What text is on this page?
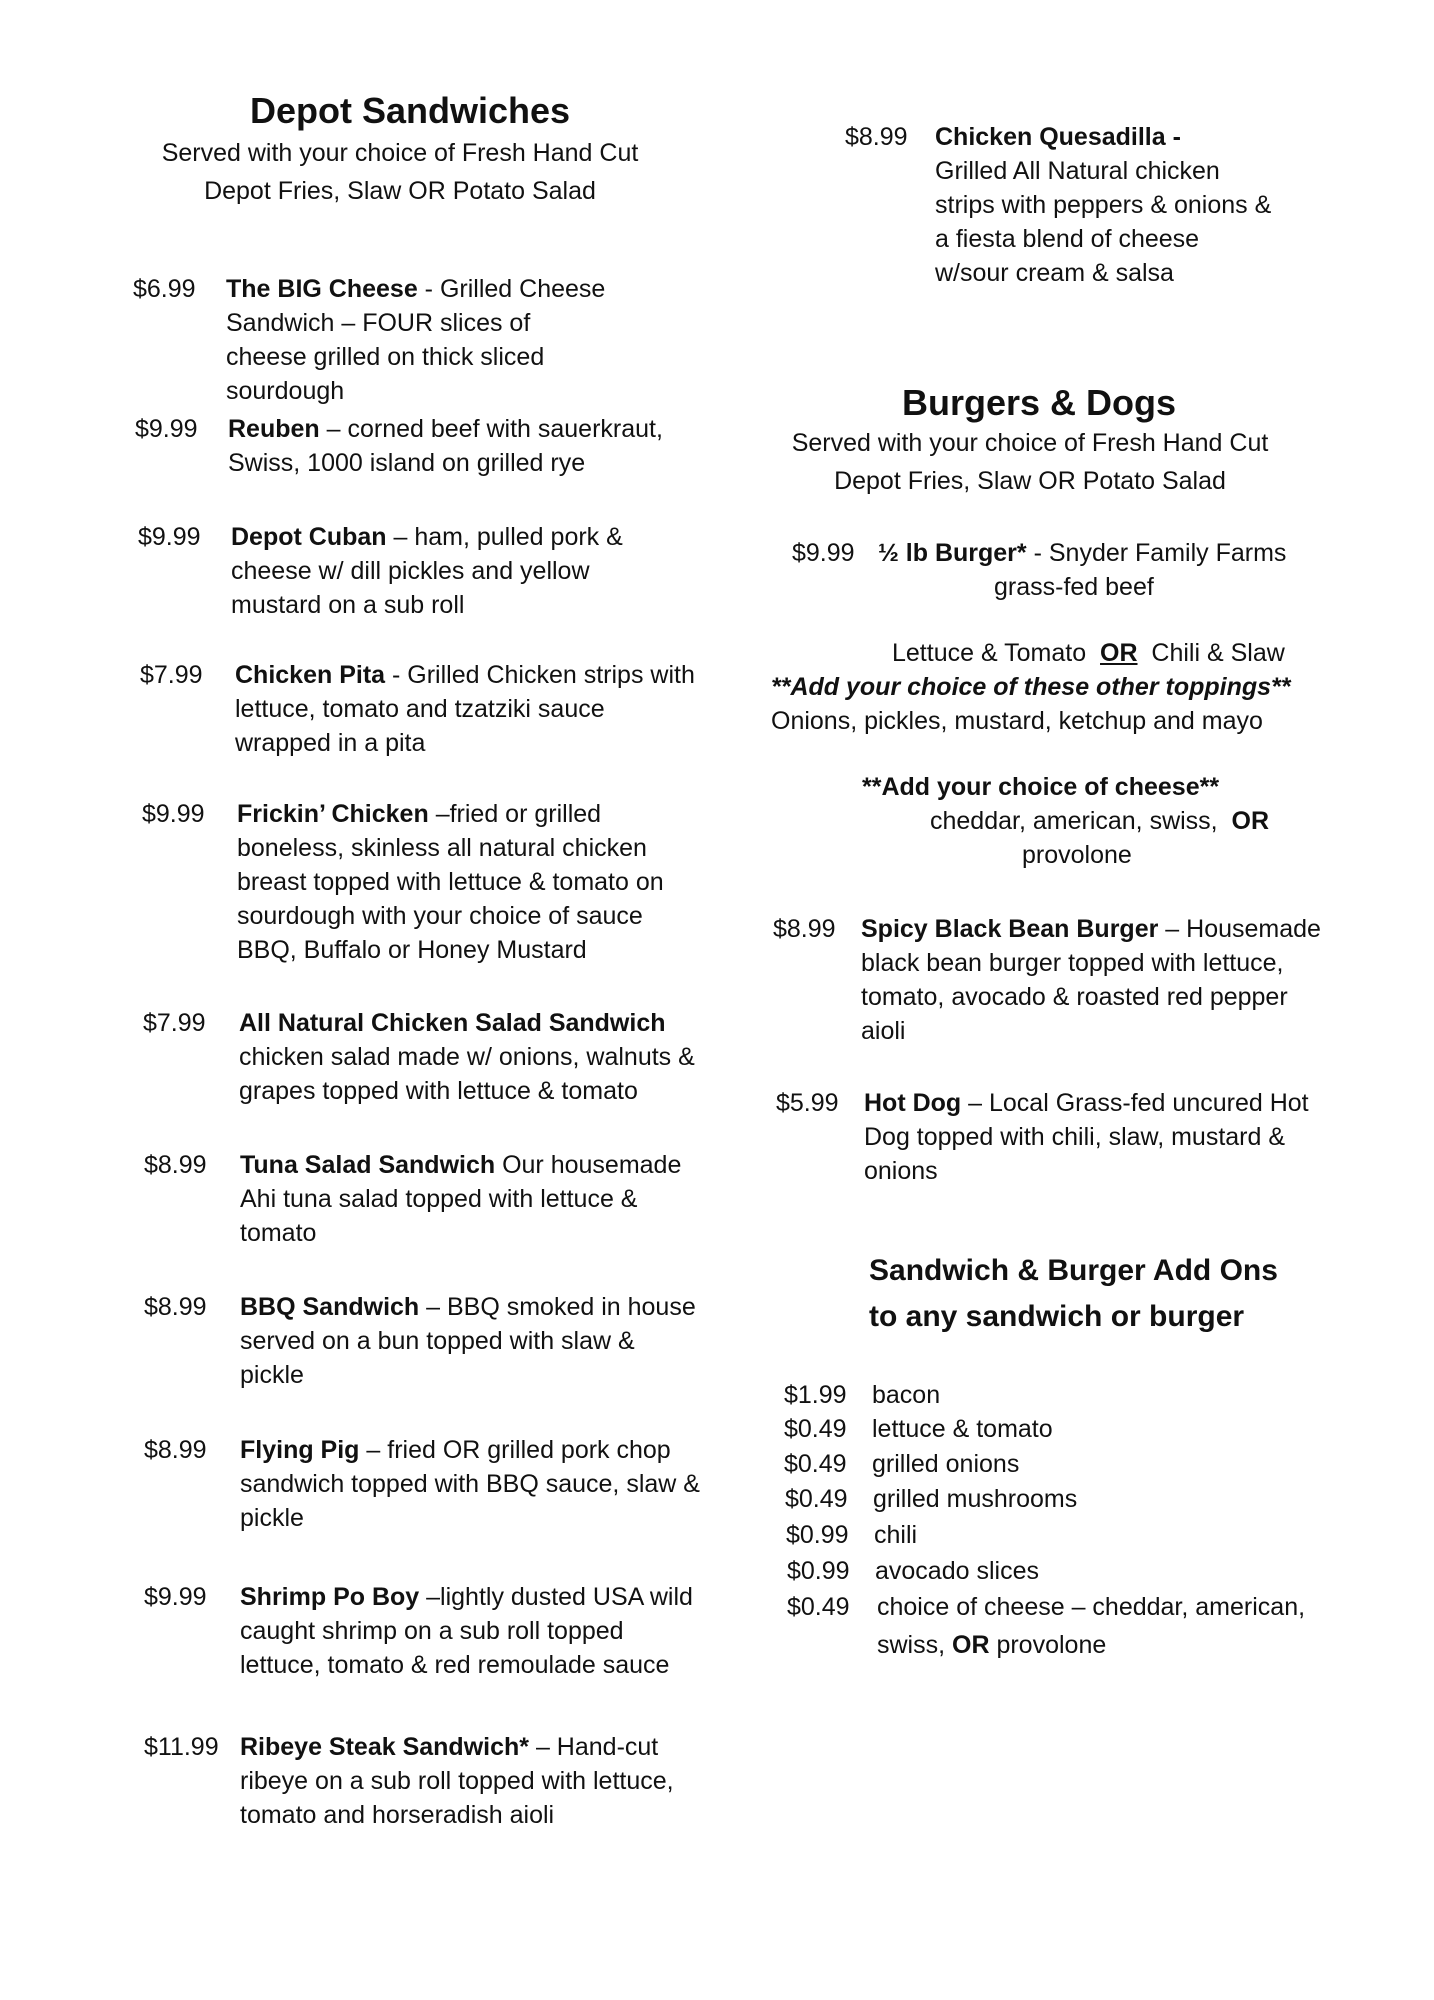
Depot Sandwiches
Served with your choice of Fresh Hand Cut
Depot Fries, Slaw OR Potato Salad
$6.99 The BIG Cheese - Grilled Cheese Sandwich – FOUR slices of cheese grilled on thick sliced sourdough
$9.99 Reuben – corned beef with sauerkraut, Swiss, 1000 island on grilled rye
$9.99 Depot Cuban – ham, pulled pork & cheese w/ dill pickles and yellow mustard on a sub roll
$7.99 Chicken Pita - Grilled Chicken strips with lettuce, tomato and tzatziki sauce wrapped in a pita
$9.99 Frickin’ Chicken –fried or grilled boneless, skinless all natural chicken breast topped with lettuce & tomato on sourdough with your choice of sauce BBQ, Buffalo or Honey Mustard
$7.99 All Natural Chicken Salad Sandwich chicken salad made w/ onions, walnuts & grapes topped with lettuce & tomato
$8.99 Tuna Salad Sandwich Our housemade Ahi tuna salad topped with lettuce & tomato
$8.99 BBQ Sandwich – BBQ smoked in house served on a bun topped with slaw & pickle
$8.99 Flying Pig – fried OR grilled pork chop sandwich topped with BBQ sauce, slaw & pickle
$9.99 Shrimp Po Boy –lightly dusted USA wild caught shrimp on a sub roll topped lettuce, tomato & red remoulade sauce
$11.99 Ribeye Steak Sandwich* – Hand-cut ribeye on a sub roll topped with lettuce, tomato and horseradish aioli
$8.99 Chicken Quesadilla -
Grilled All Natural chicken strips with peppers & onions & a fiesta blend of cheese w/sour cream & salsa
Burgers & Dogs
Served with your choice of Fresh Hand Cut
Depot Fries, Slaw OR Potato Salad
$9.99 ½ lb Burger* - Snyder Family Farms
grass-fed beef
Lettuce & Tomato OR Chili & Slaw
**Add your choice of these other toppings**
Onions, pickles, mustard, ketchup and mayo
**Add your choice of cheese**
cheddar, american, swiss, OR
provolone
$8.99 Spicy Black Bean Burger – Housemade black bean burger topped with lettuce, tomato, avocado & roasted red pepper aioli
$5.99 Hot Dog – Local Grass-fed uncured Hot Dog topped with chili, slaw, mustard & onions
Sandwich & Burger Add Ons
to any sandwich or burger
$1.99 bacon
$0.49 lettuce & tomato
$0.49 grilled onions
$0.49 grilled mushrooms
$0.99 chili
$0.99 avocado slices
$0.49 choice of cheese – cheddar, american,
swiss, OR provolone
